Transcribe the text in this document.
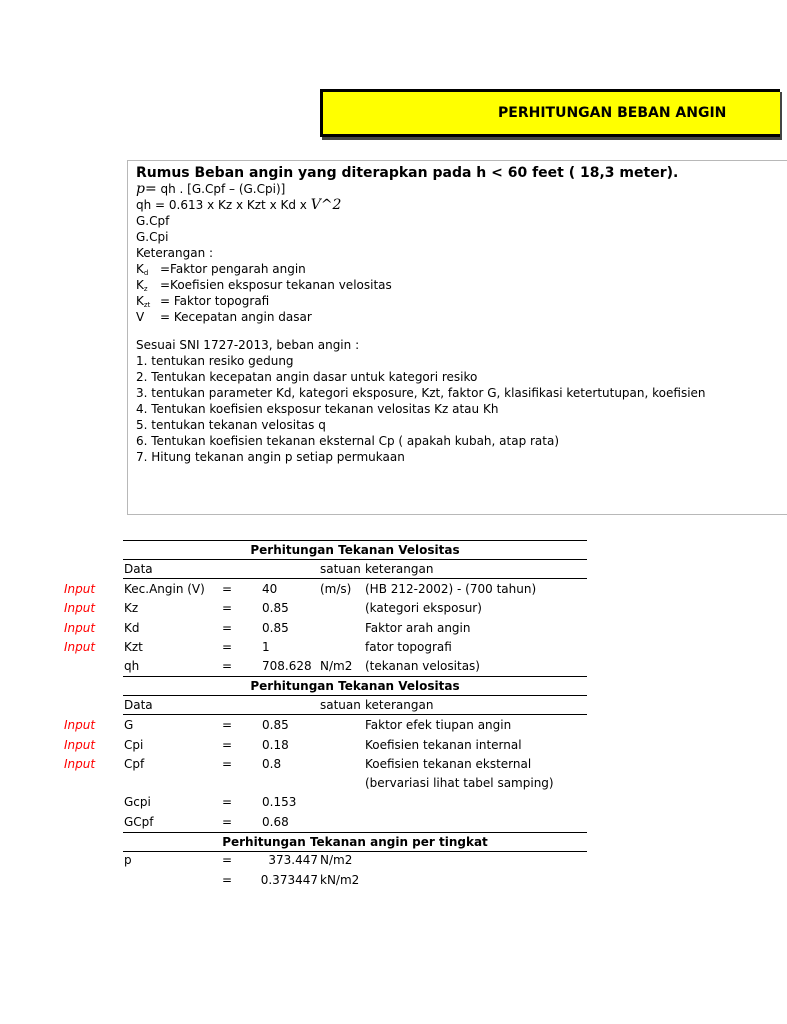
PERHITUNGAN BEBAN ANGIN
Rumus Beban angin yang diterapkan pada h < 60 feet ( 18,3 meter).
p= qh . [G.Cpf – (G.Cpi)]
qh = 0.613 x Kz x Kzt x Kd x V^2
G.Cpf
G.Cpi
Keterangan :
$K_d$ =Faktor pengarah angin
$K_z$ =Koefisien eksposur tekanan velositas
$K_{zt}$ = Faktor topografi
V = Kecepatan angin dasar
Sesuai SNI 1727-2013, beban angin :
1. tentukan resiko gedung
2. Tentukan kecepatan angin dasar untuk kategori resiko
3. tentukan parameter Kd, kategori eksposure, Kzt, faktor G, klasifikasi ketertutupan, koefisien
4. Tentukan koefisien eksposur tekanan velositas Kz atau Kh
5. tentukan tekanan velositas q
6. Tentukan koefisien tekanan eksternal Cp ( apakah kubah, atap rata)
7. Hitung tekanan angin p setiap permukaan
Perhitungan Tekanan Velositas
Data	satuan keterangan
Input Kec.Angin (V) = 40	(m/s) (HB 212-2002) - (700 tahun)
Input Kz	= 0.85	(kategori eksposur)
Input Kd	= 0.85	Faktor arah angin
Input Kzt	= 1	fator topografi
qh	= 708.628 N/m2 (tekanan velositas)
Perhitungan Tekanan Velositas
Data	satuan keterangan
Input G	= 0.85	Faktor efek tiupan angin
Input Cpi	= 0.18	Koefisien tekanan internal
Input Cpf	= 0.8	Koefisien tekanan eksternal
(bervariasi lihat tabel samping)
Gcpi	= 0.153
GCpf	= 0.68
Perhitungan Tekanan angin per tingkat
p	=	373.447 N/m2
=	0.373447 kN/m2
